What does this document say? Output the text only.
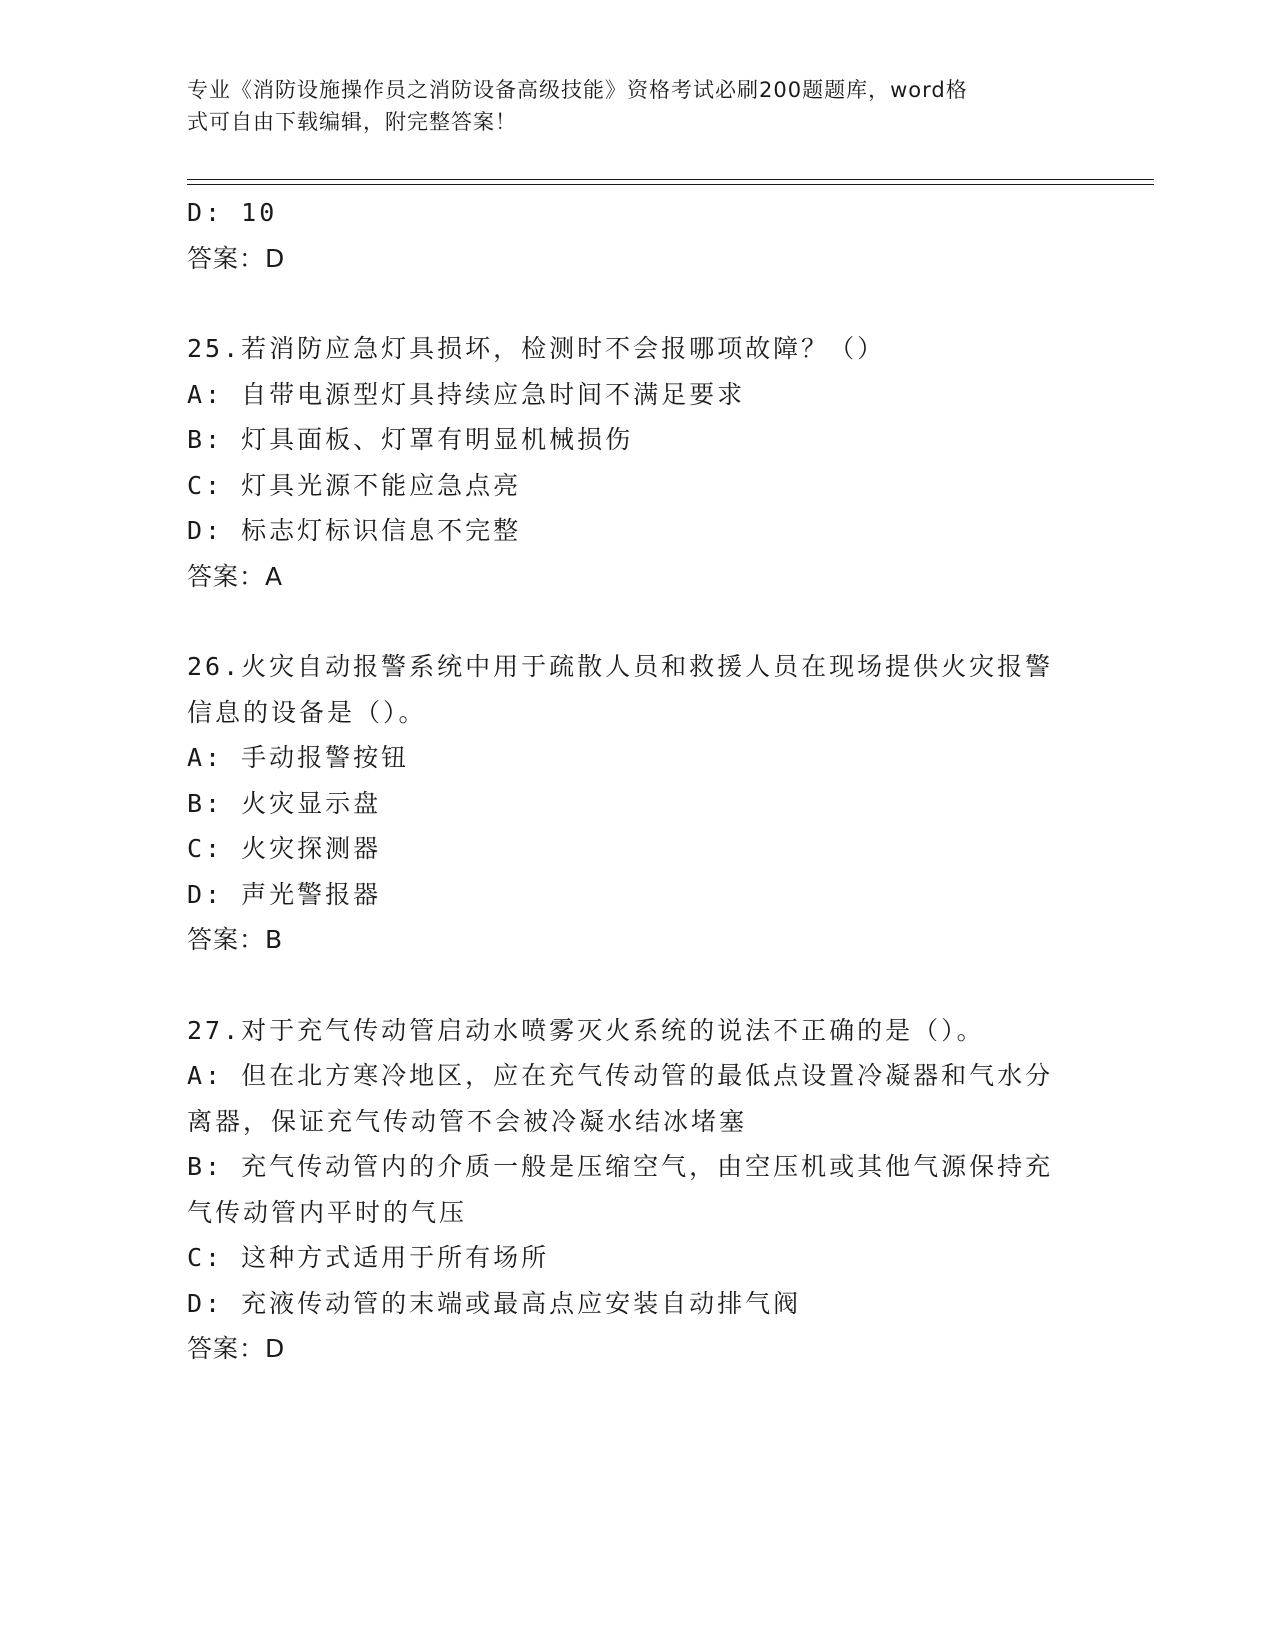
专业《消防设施操作员之消防设备高级技能》资格考试必刷200题题库，word格
式可自由下载编辑，附完整答案！
D: 10
答案：D
25.若消防应急灯具损坏，检测时不会报哪项故障？（）
A: 自带电源型灯具持续应急时间不满足要求
B: 灯具面板、灯罩有明显机械损伤
C: 灯具光源不能应急点亮
D: 标志灯标识信息不完整
答案：A
26.火灾自动报警系统中用于疏散人员和救援人员在现场提供火灾报警
信息的设备是（）。
A: 手动报警按钮
B: 火灾显示盘
C: 火灾探测器
D: 声光警报器
答案：B
27.对于充气传动管启动水喷雾灭火系统的说法不正确的是（）。
A: 但在北方寒冷地区，应在充气传动管的最低点设置冷凝器和气水分
离器，保证充气传动管不会被冷凝水结冰堵塞
B: 充气传动管内的介质一般是压缩空气，由空压机或其他气源保持充
气传动管内平时的气压
C: 这种方式适用于所有场所
D: 充液传动管的末端或最高点应安装自动排气阀
答案：D
